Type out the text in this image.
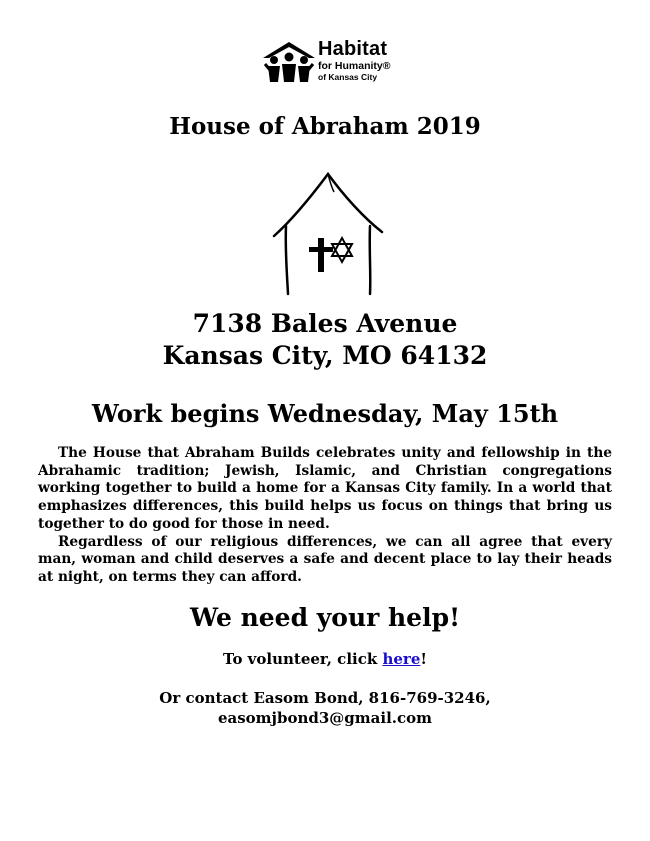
Habitat
for Humanity®
of Kansas City
House of Abraham 2019
7138 Bales Avenue
Kansas City, MO 64132
Work begins Wednesday, May 15th

The House that Abraham Builds celebrates unity and fellowship in the Abrahamic tradition; Jewish, Islamic, and Christian congregations working together to build a home for a Kansas City family. In a world that emphasizes differences, this build helps us focus on things that bring us together to do good for those in need.

Regardless of our religious differences, we can all agree that every man, woman and child deserves a safe and decent place to lay their heads at night, on terms they can afford.

We need your help!
To volunteer, click here!
Or contact Easom Bond, 816-769-3246,
easomjbond3@gmail.com
